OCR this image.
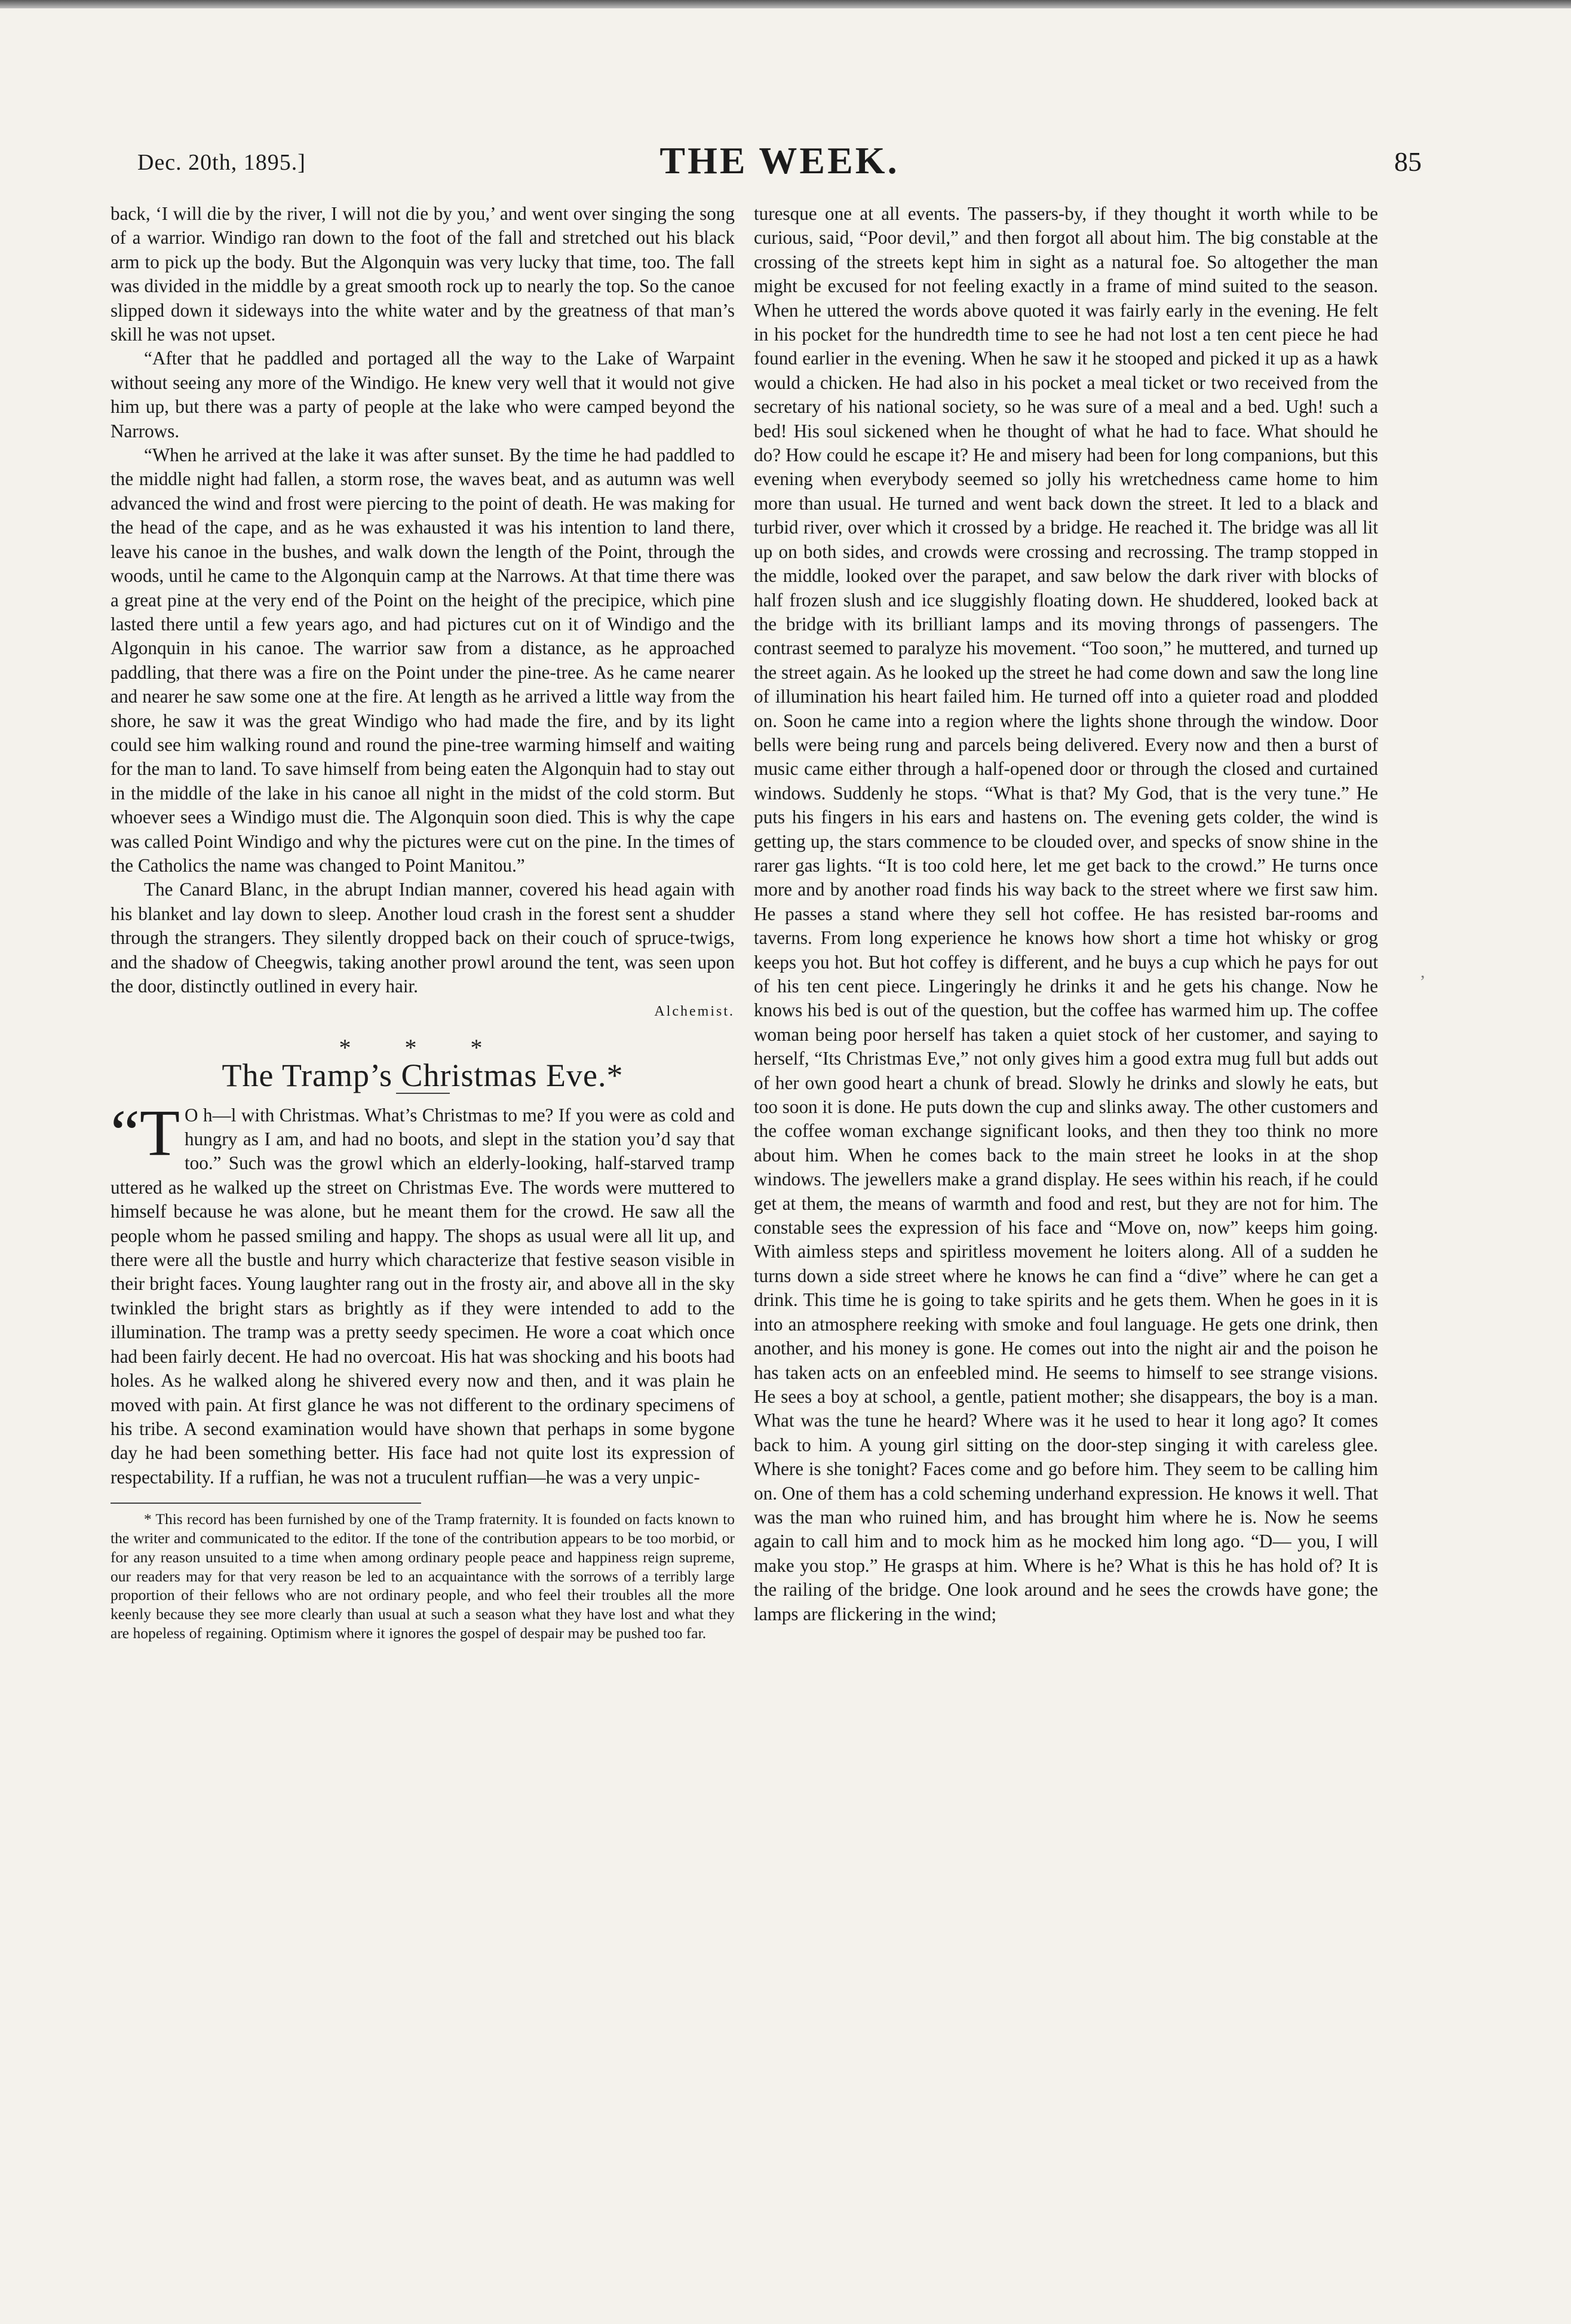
Dec. 20th, 1895.]	THE WEEK.	85

back, ‘I will die by the river, I will not die by you,’ and went over singing the song of a warrior. Windigo ran down to the foot of the fall and stretched out his black arm to pick up the body. But the Algonquin was very lucky that time, too. The fall was divided in the middle by a great smooth rock up to nearly the top. So the canoe slipped down it sideways into the white water and by the greatness of that man’s skill he was not upset.

“After that he paddled and portaged all the way to the Lake of Warpaint without seeing any more of the Windigo. He knew very well that it would not give him up, but there was a party of people at the lake who were camped beyond the Narrows.

“When he arrived at the lake it was after sunset. By the time he had paddled to the middle night had fallen, a storm rose, the waves beat, and as autumn was well advanced the wind and frost were piercing to the point of death. He was making for the head of the cape, and as he was exhausted it was his intention to land there, leave his canoe in the bushes, and walk down the length of the Point, through the woods, until he came to the Algonquin camp at the Narrows. At that time there was a great pine at the very end of the Point on the height of the precipice, which pine lasted there until a few years ago, and had pictures cut on it of Windigo and the Algonquin in his canoe. The warrior saw from a distance, as he approached paddling, that there was a fire on the Point under the pine-tree. As he came nearer and nearer he saw some one at the fire. At length as he arrived a little way from the shore, he saw it was the great Windigo who had made the fire, and by its light could see him walking round and round the pine-tree warming himself and waiting for the man to land. To save himself from being eaten the Algonquin had to stay out in the middle of the lake in his canoe all night in the midst of the cold storm. But whoever sees a Windigo must die. The Algonquin soon died. This is why the cape was called Point Windigo and why the pictures were cut on the pine. In the times of the Catholics the name was changed to Point Manitou.”

The Canard Blanc, in the abrupt Indian manner, covered his head again with his blanket and lay down to sleep. Another loud crash in the forest sent a shudder through the strangers. They silently dropped back on their couch of spruce-twigs, and the shadow of Cheegwis, taking another prowl around the tent, was seen upon the door, distinctly outlined in every hair.

Alchemist.
* * *
The Tramp’s Christmas Eve.*

“T O h—l with Christmas. What’s Christmas to me? If you were as cold and hungry as I am, and had no boots, and slept in the station you’d say that too.” Such was the growl which an elderly-looking, half-starved tramp uttered as he walked up the street on Christmas Eve. The words were muttered to himself because he was alone, but he meant them for the crowd. He saw all the people whom he passed smiling and happy. The shops as usual were all lit up, and there were all the bustle and hurry which characterize that festive season visible in their bright faces. Young laughter rang out in the frosty air, and above all in the sky twinkled the bright stars as brightly as if they were intended to add to the illumination. The tramp was a pretty seedy specimen. He wore a coat which once had been fairly decent. He had no overcoat. His hat was shocking and his boots had holes. As he walked along he shivered every now and then, and it was plain he moved with pain. At first glance he was not different to the ordinary specimens of his tribe. A second examination would have shown that perhaps in some bygone day he had been something better. His face had not quite lost its expression of respectability. If a ruffian, he was not a truculent ruffian—he was a very unpic-

* This record has been furnished by one of the Tramp fraternity. It is founded on facts known to the writer and communicated to the editor. If the tone of the contribution appears to be too morbid, or for any reason unsuited to a time when among ordinary people peace and happiness reign supreme, our readers may for that very reason be led to an acquaintance with the sorrows of a terribly large proportion of their fellows who are not ordinary people, and who feel their troubles all the more keenly because they see more clearly than usual at such a season what they have lost and what they are hopeless of regaining. Optimism where it ignores the gospel of despair may be pushed too far.

turesque one at all events. The passers-by, if they thought it worth while to be curious, said, “Poor devil,” and then forgot all about him. The big constable at the crossing of the streets kept him in sight as a natural foe. So altogether the man might be excused for not feeling exactly in a frame of mind suited to the season. When he uttered the words above quoted it was fairly early in the evening. He felt in his pocket for the hundredth time to see he had not lost a ten cent piece he had found earlier in the evening. When he saw it he stooped and picked it up as a hawk would a chicken. He had also in his pocket a meal ticket or two received from the secretary of his national society, so he was sure of a meal and a bed. Ugh! such a bed! His soul sickened when he thought of what he had to face. What should he do? How could he escape it? He and misery had been for long companions, but this evening when everybody seemed so jolly his wretchedness came home to him more than usual. He turned and went back down the street. It led to a black and turbid river, over which it crossed by a bridge. He reached it. The bridge was all lit up on both sides, and crowds were crossing and recrossing. The tramp stopped in the middle, looked over the parapet, and saw below the dark river with blocks of half frozen slush and ice sluggishly floating down. He shuddered, looked back at the bridge with its brilliant lamps and its moving throngs of passengers. The contrast seemed to paralyze his movement. “Too soon,” he muttered, and turned up the street again. As he looked up the street he had come down and saw the long line of illumination his heart failed him. He turned off into a quieter road and plodded on. Soon he came into a region where the lights shone through the window. Door bells were being rung and parcels being delivered. Every now and then a burst of music came either through a half-opened door or through the closed and curtained windows. Suddenly he stops. “What is that? My God, that is the very tune.” He puts his fingers in his ears and hastens on. The evening gets colder, the wind is getting up, the stars commence to be clouded over, and specks of snow shine in the rarer gas lights. “It is too cold here, let me get back to the crowd.” He turns once more and by another road finds his way back to the street where we first saw him. He passes a stand where they sell hot coffee. He has resisted bar-rooms and taverns. From long experience he knows how short a time hot whisky or grog keeps you hot. But hot coffey is different, and he buys a cup which he pays for out of his ten cent piece. Lingeringly he drinks it and he gets his change. Now he knows his bed is out of the question, but the coffee has warmed him up. The coffee woman being poor herself has taken a quiet stock of her customer, and saying to herself, “Its Christmas Eve,” not only gives him a good extra mug full but adds out of her own good heart a chunk of bread. Slowly he drinks and slowly he eats, but too soon it is done. He puts down the cup and slinks away. The other customers and the coffee woman exchange significant looks, and then they too think no more about him. When he comes back to the main street he looks in at the shop windows. The jewellers make a grand display. He sees within his reach, if he could get at them, the means of warmth and food and rest, but they are not for him. The constable sees the expression of his face and “Move on, now” keeps him going. With aimless steps and spiritless movement he loiters along. All of a sudden he turns down a side street where he knows he can find a “dive” where he can get a drink. This time he is going to take spirits and he gets them. When he goes in it is into an atmosphere reeking with smoke and foul language. He gets one drink, then another, and his money is gone. He comes out into the night air and the poison he has taken acts on an enfeebled mind. He seems to himself to see strange visions. He sees a boy at school, a gentle, patient mother; she disappears, the boy is a man. What was the tune he heard? Where was it he used to hear it long ago? It comes back to him. A young girl sitting on the door-step singing it with careless glee. Where is she tonight? Faces come and go before him. They seem to be calling him on. One of them has a cold scheming underhand expression. He knows it well. That was the man who ruined him, and has brought him where he is. Now he seems again to call him and to mock him as he mocked him long ago. “D— you, I will make you stop.” He grasps at him. Where is he? What is this he has hold of? It is the railing of the bridge. One look around and he sees the crowds have gone; the lamps are flickering in the wind;

,
